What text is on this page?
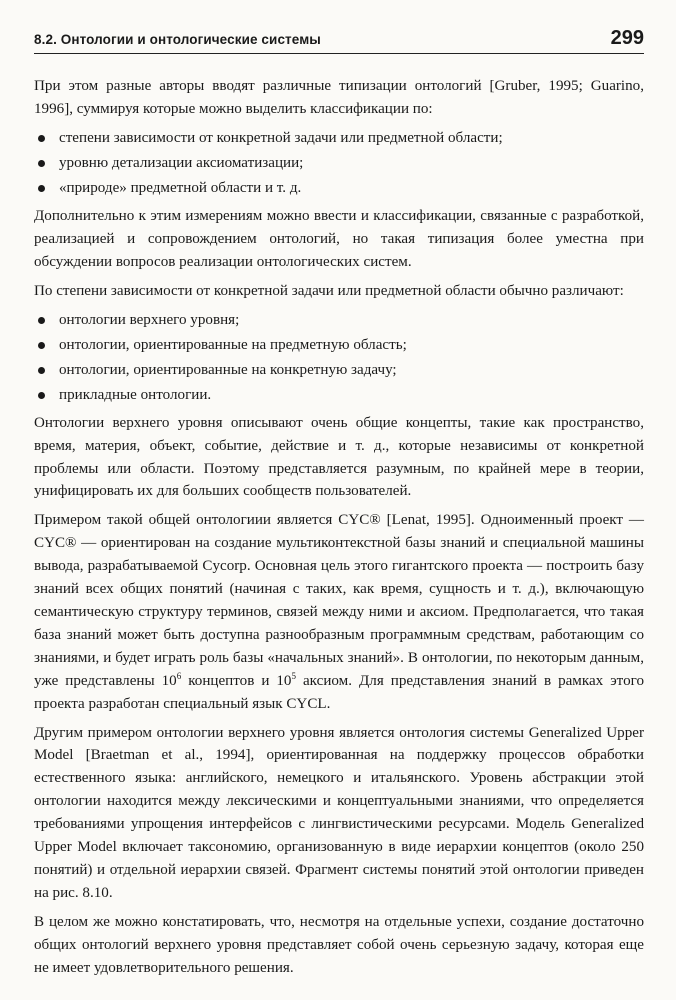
8.2. Онтологии и онтологические системы	299

При этом разные авторы вводят различные типизации онтологий [Gruber, 1995; Guarino, 1996], суммируя которые можно выделить классификации по:

степени зависимости от конкретной задачи или предметной области;
уровню детализации аксиоматизации;
«природе» предметной области и т. д.

Дополнительно к этим измерениям можно ввести и классификации, связанные с разработкой, реализацией и сопровождением онтологий, но такая типизация более уместна при обсуждении вопросов реализации онтологических систем.

По степени зависимости от конкретной задачи или предметной области обычно различают:

онтологии верхнего уровня;
онтологии, ориентированные на предметную область;
онтологии, ориентированные на конкретную задачу;
прикладные онтологии.

Онтологии верхнего уровня описывают очень общие концепты, такие как пространство, время, материя, объект, событие, действие и т. д., которые независимы от конкретной проблемы или области. Поэтому представляется разумным, по крайней мере в теории, унифицировать их для больших сообществ пользователей.

Примером такой общей онтологиии является CYC® [Lenat, 1995]. Одноименный проект — CYC® — ориентирован на создание мультиконтекстной базы знаний и специальной машины вывода, разрабатываемой Cycorp. Основная цель этого гигантского проекта — построить базу знаний всех общих понятий (начиная с таких, как время, сущность и т. д.), включающую семантическую структуру терминов, связей между ними и аксиом. Предполагается, что такая база знаний может быть доступна разнообразным программным средствам, работающим со знаниями, и будет играть роль базы «начальных знаний». В онтологии, по некоторым данным, уже представлены $10^6$ концептов и $10^5$ аксиом. Для представления знаний в рамках этого проекта разработан специальный язык CYCL.

Другим примером онтологии верхнего уровня является онтология системы Generalized Upper Model [Braetman et al., 1994], ориентированная на поддержку процессов обработки естественного языка: английского, немецкого и итальянского. Уровень абстракции этой онтологии находится между лексическими и концептуальными знаниями, что определяется требованиями упрощения интерфейсов с лингвистическими ресурсами. Модель Generalized Upper Model включает таксономию, организованную в виде иерархии концептов (около 250 понятий) и отдельной иерархии связей. Фрагмент системы понятий этой онтологии приведен на рис. 8.10.

В целом же можно констатировать, что, несмотря на отдельные успехи, создание достаточно общих онтологий верхнего уровня представляет собой очень серьезную задачу, которая еще не имеет удовлетворительного решения.
